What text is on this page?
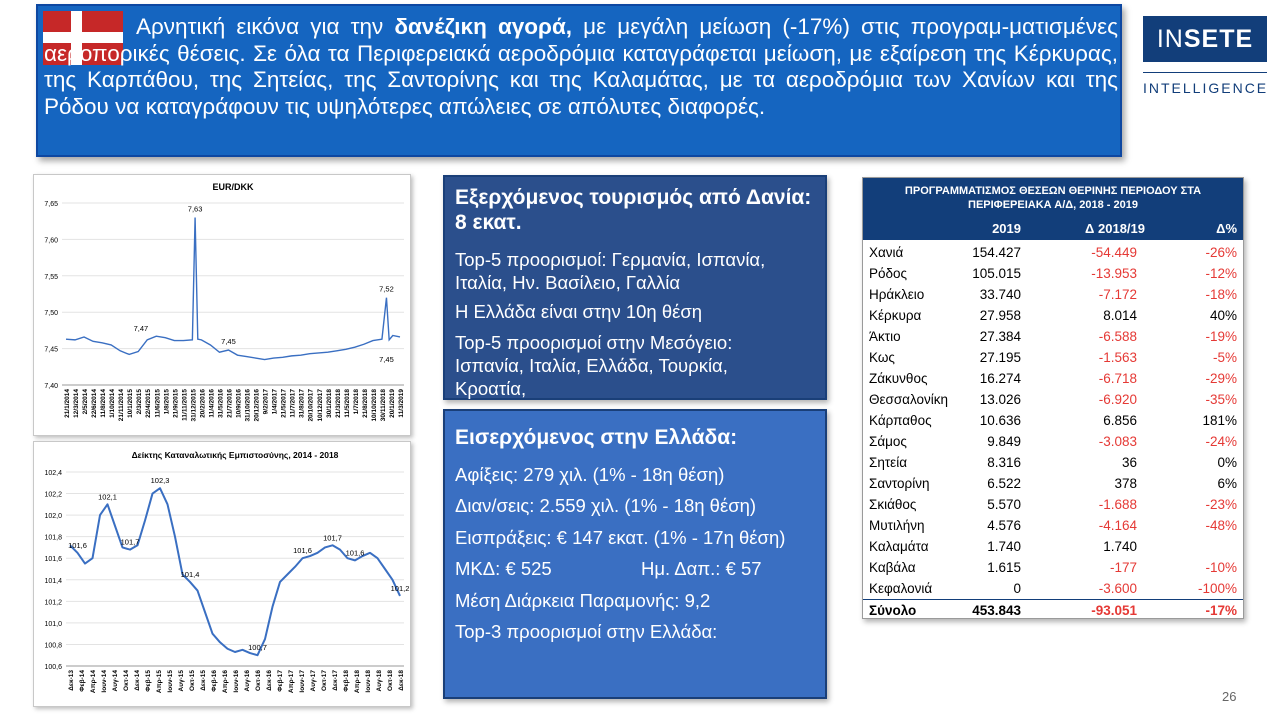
Αρνητική εικόνα για την δανέζικη αγορά, με μεγάλη μείωση (-17%) στις προγραμ-ματισμένες αεροπορικές θέσεις. Σε όλα τα Περιφερειακά αεροδρόμια καταγράφεται μείωση, με εξαίρεση της Κέρκυρας, της Καρπάθου, της Σητείας, της Σαντορίνης και της Καλαμάτας, με τα αεροδρόμια των Χανίων και της Ρόδου να καταγράφουν τις υψηλότερες απώλειες σε απόλυτες διαφορές.
INSETE
INTELLIGENCE
EUR/DKK
7,65
7,60
7,55
7,50
7,45
7,40
21/1/2014 12/3/2014 2/5/2014 22/6/2014 11/8/2014 1/10/2014 21/11/2014 10/1/2015 2/3/2015 22/4/2015 11/6/2015 1/8/2015 21/9/2015 11/11/2015 31/12/2015 20/2/2016 11/4/2016 31/5/2016 21/7/2016 10/9/2016 31/10/2016 20/12/2016 9/2/2017 1/4/2017 21/5/2017 11/7/2017 31/8/2017 20/10/2017 10/12/2017 30/1/2018 21/3/2018 11/5/2018 1/7/2018 21/8/2018 10/10/2018 30/11/2018 20/1/2019 11/3/2019
7,47
7,63
7,45
7,52
7,45
Δείκτης Καταναλωτικής Εμπιστοσύνης, 2014 - 2018
102,4
102,2
102,0
101,8
101,6
101,4
101,2
101,0
100,8
100,6
Δεκ-13 Φεβ-14 Απρ-14 Ιουν-14 Αυγ-14 Οκτ-14 Δεκ-14 Φεβ-15 Απρ-15 Ιουν-15 Αυγ-15 Οκτ-15 Δεκ-15 Φεβ-16 Απρ-16 Ιουν-16 Αυγ-16 Οκτ-16 Δεκ-16 Φεβ-17 Απρ-17 Ιουν-17 Αυγ-17 Οκτ-17 Δεκ-17 Φεβ-18 Απρ-18 Ιουν-18 Αυγ-18 Οκτ-18 Δεκ-18
101,6
102,1
101,7
102,3
101,4
100,7
101,6
101,7
101,6
101,2
Εξερχόμενος τουρισμός από Δανία: 8 εκατ.
Top-5 προορισμοί: Γερμανία, Ισπανία,
Ιταλία, Ην. Βασίλειο, Γαλλία
Η Ελλάδα είναι στην 10η θέση
Top-5 προορισμοί στην Μεσόγειο:
Ισπανία, Ιταλία, Ελλάδα, Τουρκία,
Κροατία,
Εισερχόμενος στην Ελλάδα:
Αφίξεις: 279 χιλ. (1% - 18η θέση)
Διαν/σεις: 2.559 χιλ. (1% - 18η θέση)
Εισπράξεις: € 147 εκατ. (1% - 17η θέση)
ΜΚΔ: € 525	Ημ. Δαπ.: € 57
Μέση Διάρκεια Παραμονής: 9,2
Top-3 προορισμοί στην Ελλάδα:
ΠΡΟΓΡΑΜΜΑΤΙΣΜΟΣ ΘΕΣΕΩΝ ΘΕΡΙΝΗΣ ΠΕΡΙΟΔΟΥ ΣΤΑ ΠΕΡΙΦΕΡΕΙΑΚΑ Α/Δ, 2018 - 2019
2019	Δ 2018/19	Δ%
Χανιά	154.427	-54.449	-26%
Ρόδος	105.015	-13.953	-12%
Ηράκλειο	33.740	-7.172	-18%
Κέρκυρα	27.958	8.014	40%
Άκτιο	27.384	-6.588	-19%
Κως	27.195	-1.563	-5%
Ζάκυνθος	16.274	-6.718	-29%
Θεσσαλονίκη 13.026	-6.920	-35%
Κάρπαθος	10.636	6.856	181%
Σάμος	9.849	-3.083	-24%
Σητεία	8.316	36	0%
Σαντορίνη	6.522	378	6%
Σκιάθος	5.570	-1.688	-23%
Μυτιλήνη	4.576	-4.164	-48%
Καλαμάτα	1.740	1.740
Καβάλα	1.615	-177	-10%
Κεφαλονιά	0	-3.600	-100%
Σύνολο	453.843	-93.051	-17%
26
